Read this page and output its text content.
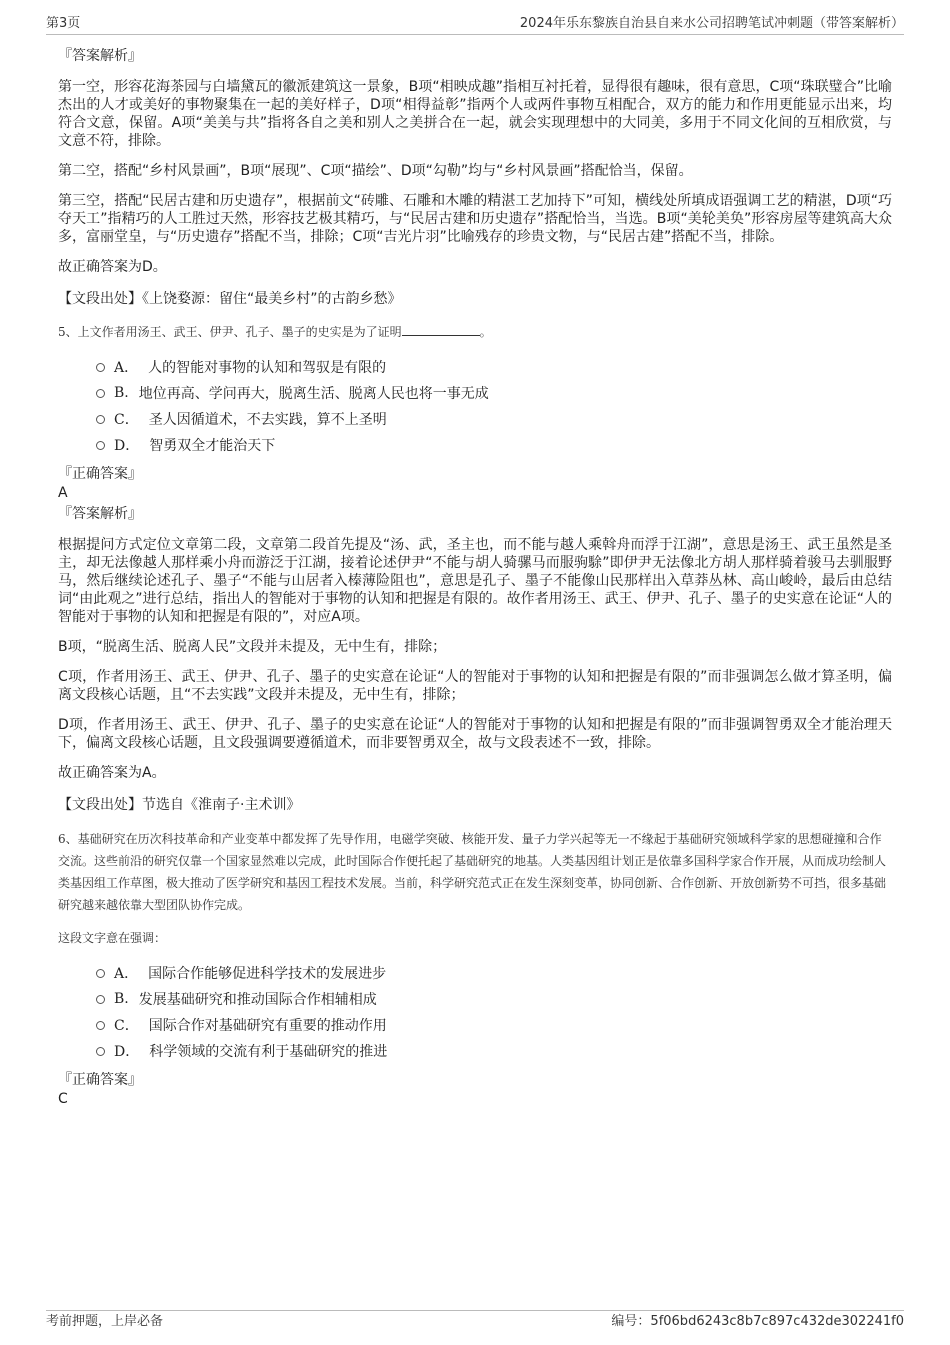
第3页	2024年乐东黎族自治县自来水公司招聘笔试冲刺题（带答案解析）

『答案解析』

第一空，形容花海茶园与白墙黛瓦的徽派建筑这一景象，B项“相映成趣”指相互衬托着，显得很有趣味，很有意思，C项“珠联璧合”比喻杰出的人才或美好的事物聚集在一起的美好样子，D项“相得益彰”指两个人或两件事物互相配合，双方的能力和作用更能显示出来，均符合文意，保留。A项“美美与共”指将各自之美和别人之美拼合在一起，就会实现理想中的大同美，多用于不同文化间的互相欣赏，与文意不符，排除。

第二空，搭配“乡村风景画”，B项“展现”、C项“描绘”、D项“勾勒”均与“乡村风景画”搭配恰当，保留。

第三空，搭配“民居古建和历史遗存”，根据前文“砖雕、石雕和木雕的精湛工艺加持下”可知，横线处所填成语强调工艺的精湛，D项“巧夺天工”指精巧的人工胜过天然，形容技艺极其精巧，与“民居古建和历史遗存”搭配恰当，当选。B项“美轮美奂”形容房屋等建筑高大众多，富丽堂皇，与“历史遗存”搭配不当，排除；C项“吉光片羽”比喻残存的珍贵文物，与“民居古建”搭配不当，排除。

故正确答案为D。

【文段出处】《上饶婺源：留住“最美乡村”的古韵乡愁》

5、上文作者用汤王、武王、伊尹、孔子、墨子的史实是为了证明	。

A． 人的智能对事物的认知和驾驭是有限的
B. 地位再高、学问再大，脱离生活、脱离人民也将一事无成
C． 圣人因循道术，不去实践，算不上圣明
D． 智勇双全才能治天下

『正确答案』

A

『答案解析』

根据提问方式定位文章第二段，文章第二段首先提及“汤、武，圣主也，而不能与越人乘斡舟而浮于江湖”，意思是汤王、武王虽然是圣主，却无法像越人那样乘小舟而游泛于江湖，接着论述伊尹“不能与胡人骑骡马而服驹駼”即伊尹无法像北方胡人那样骑着骏马去驯服野马，然后继续论述孔子、墨子“不能与山居者入榛薄险阻也”，意思是孔子、墨子不能像山民那样出入草莽丛林、高山峻岭，最后由总结词“由此观之”进行总结，指出人的智能对于事物的认知和把握是有限的。故作者用汤王、武王、伊尹、孔子、墨子的史实意在论证“人的智能对于事物的认知和把握是有限的”，对应A项。

B项，“脱离生活、脱离人民”文段并未提及，无中生有，排除；

C项，作者用汤王、武王、伊尹、孔子、墨子的史实意在论证“人的智能对于事物的认知和把握是有限的”而非强调怎么做才算圣明，偏离文段核心话题，且“不去实践”文段并未提及，无中生有，排除；

D项，作者用汤王、武王、伊尹、孔子、墨子的史实意在论证“人的智能对于事物的认知和把握是有限的”而非强调智勇双全才能治理天下，偏离文段核心话题，且文段强调要遵循道术，而非要智勇双全，故与文段表述不一致，排除。

故正确答案为A。

【文段出处】节选自《淮南子·主术训》

6、基础研究在历次科技革命和产业变革中都发挥了先导作用，电磁学突破、核能开发、量子力学兴起等无一不缘起于基础研究领域科学家的思想碰撞和合作交流。这些前沿的研究仅靠一个国家显然难以完成，此时国际合作便托起了基础研究的地基。人类基因组计划正是依靠多国科学家合作开展，从而成功绘制人类基因组工作草图，极大推动了医学研究和基因工程技术发展。当前，科学研究范式正在发生深刻变革，协同创新、合作创新、开放创新势不可挡，很多基础研究越来越依靠大型团队协作完成。

这段文字意在强调：

A． 国际合作能够促进科学技术的发展进步
B. 发展基础研究和推动国际合作相辅相成
C． 国际合作对基础研究有重要的推动作用
D． 科学领域的交流有利于基础研究的推进

『正确答案』

C

考前押题，上岸必备	编号：5f06bd6243c8b7c897c432de302241f0
